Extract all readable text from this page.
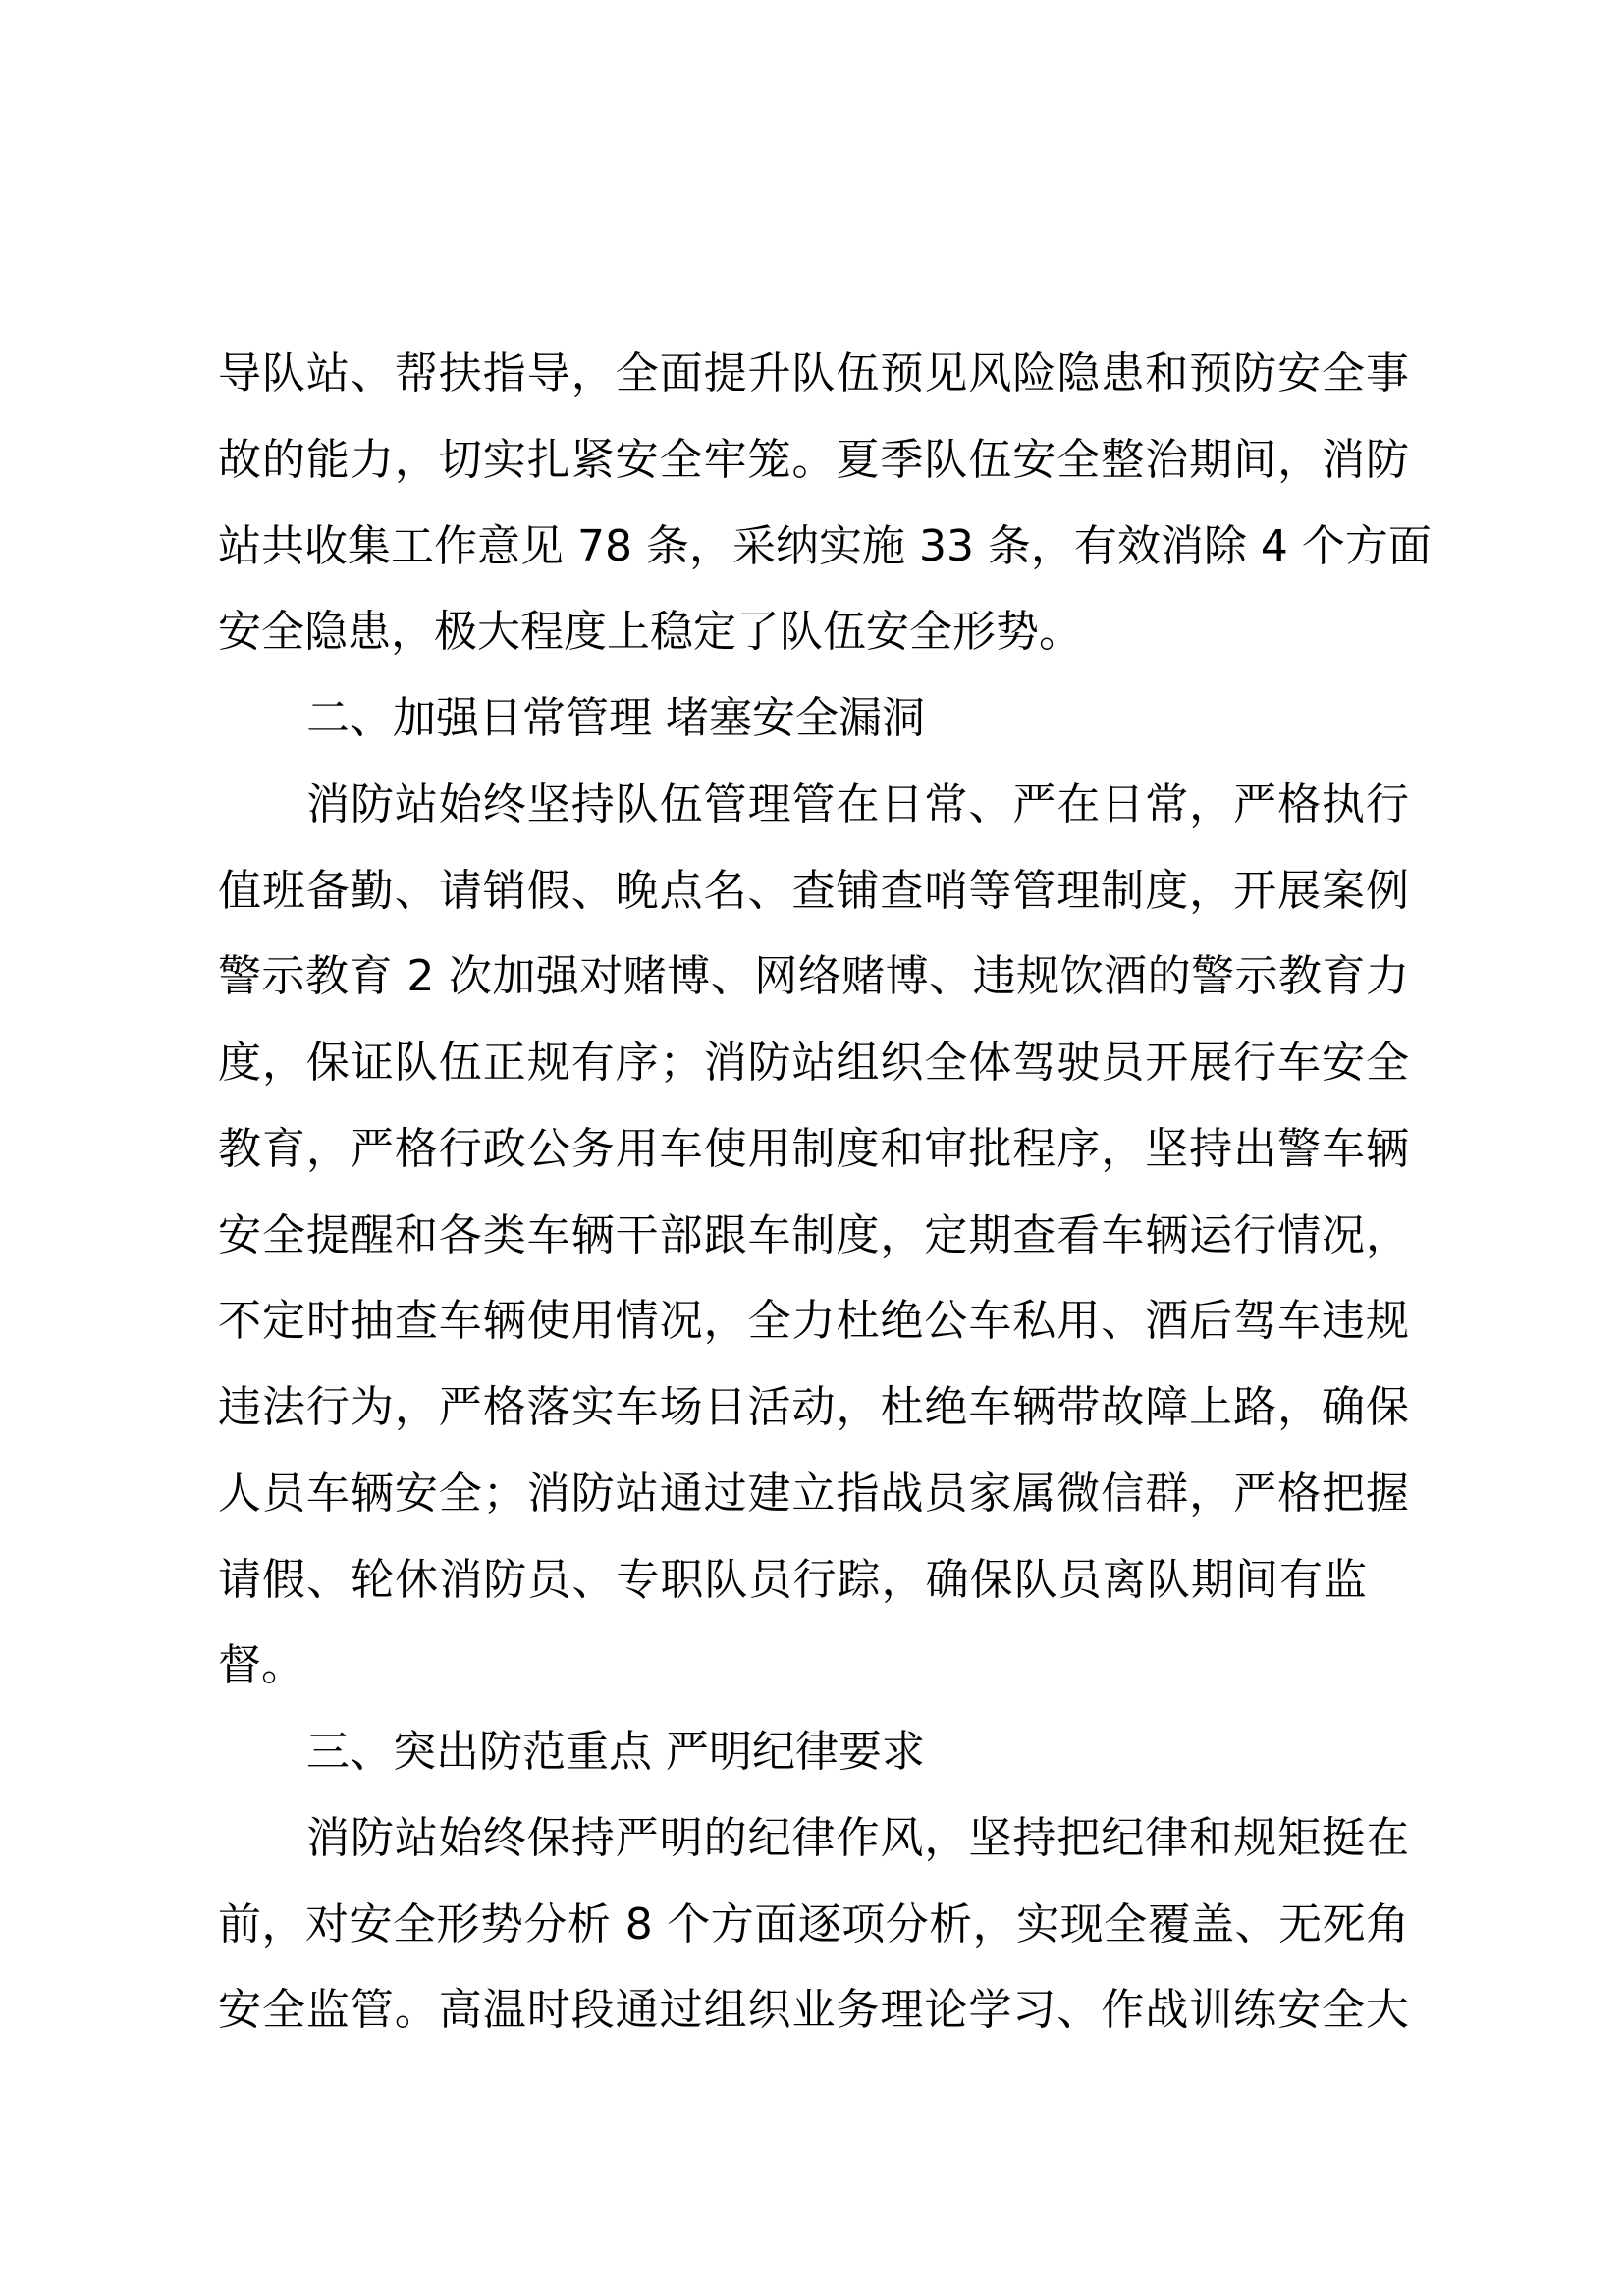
导队站、帮扶指导，全面提升队伍预见风险隐患和预防安全事

故的能力，切实扎紧安全牢笼。夏季队伍安全整治期间，消防

站共收集工作意见 78 条，采纳实施 33 条，有效消除 4 个方面

安全隐患，极大程度上稳定了队伍安全形势。

二、加强日常管理 堵塞安全漏洞

消防站始终坚持队伍管理管在日常、严在日常，严格执行

值班备勤、请销假、晚点名、查铺查哨等管理制度，开展案例

警示教育 2 次加强对赌博、网络赌博、违规饮酒的警示教育力

度，保证队伍正规有序；消防站组织全体驾驶员开展行车安全

教育，严格行政公务用车使用制度和审批程序，坚持出警车辆

安全提醒和各类车辆干部跟车制度，定期查看车辆运行情况，

不定时抽查车辆使用情况，全力杜绝公车私用、酒后驾车违规

违法行为，严格落实车场日活动，杜绝车辆带故障上路，确保

人员车辆安全；消防站通过建立指战员家属微信群，严格把握

请假、轮休消防员、专职队员行踪，确保队员离队期间有监

督。

三、突出防范重点 严明纪律要求

消防站始终保持严明的纪律作风，坚持把纪律和规矩挺在

前，对安全形势分析 8 个方面逐项分析，实现全覆盖、无死角

安全监管。高温时段通过组织业务理论学习、作战训练安全大
